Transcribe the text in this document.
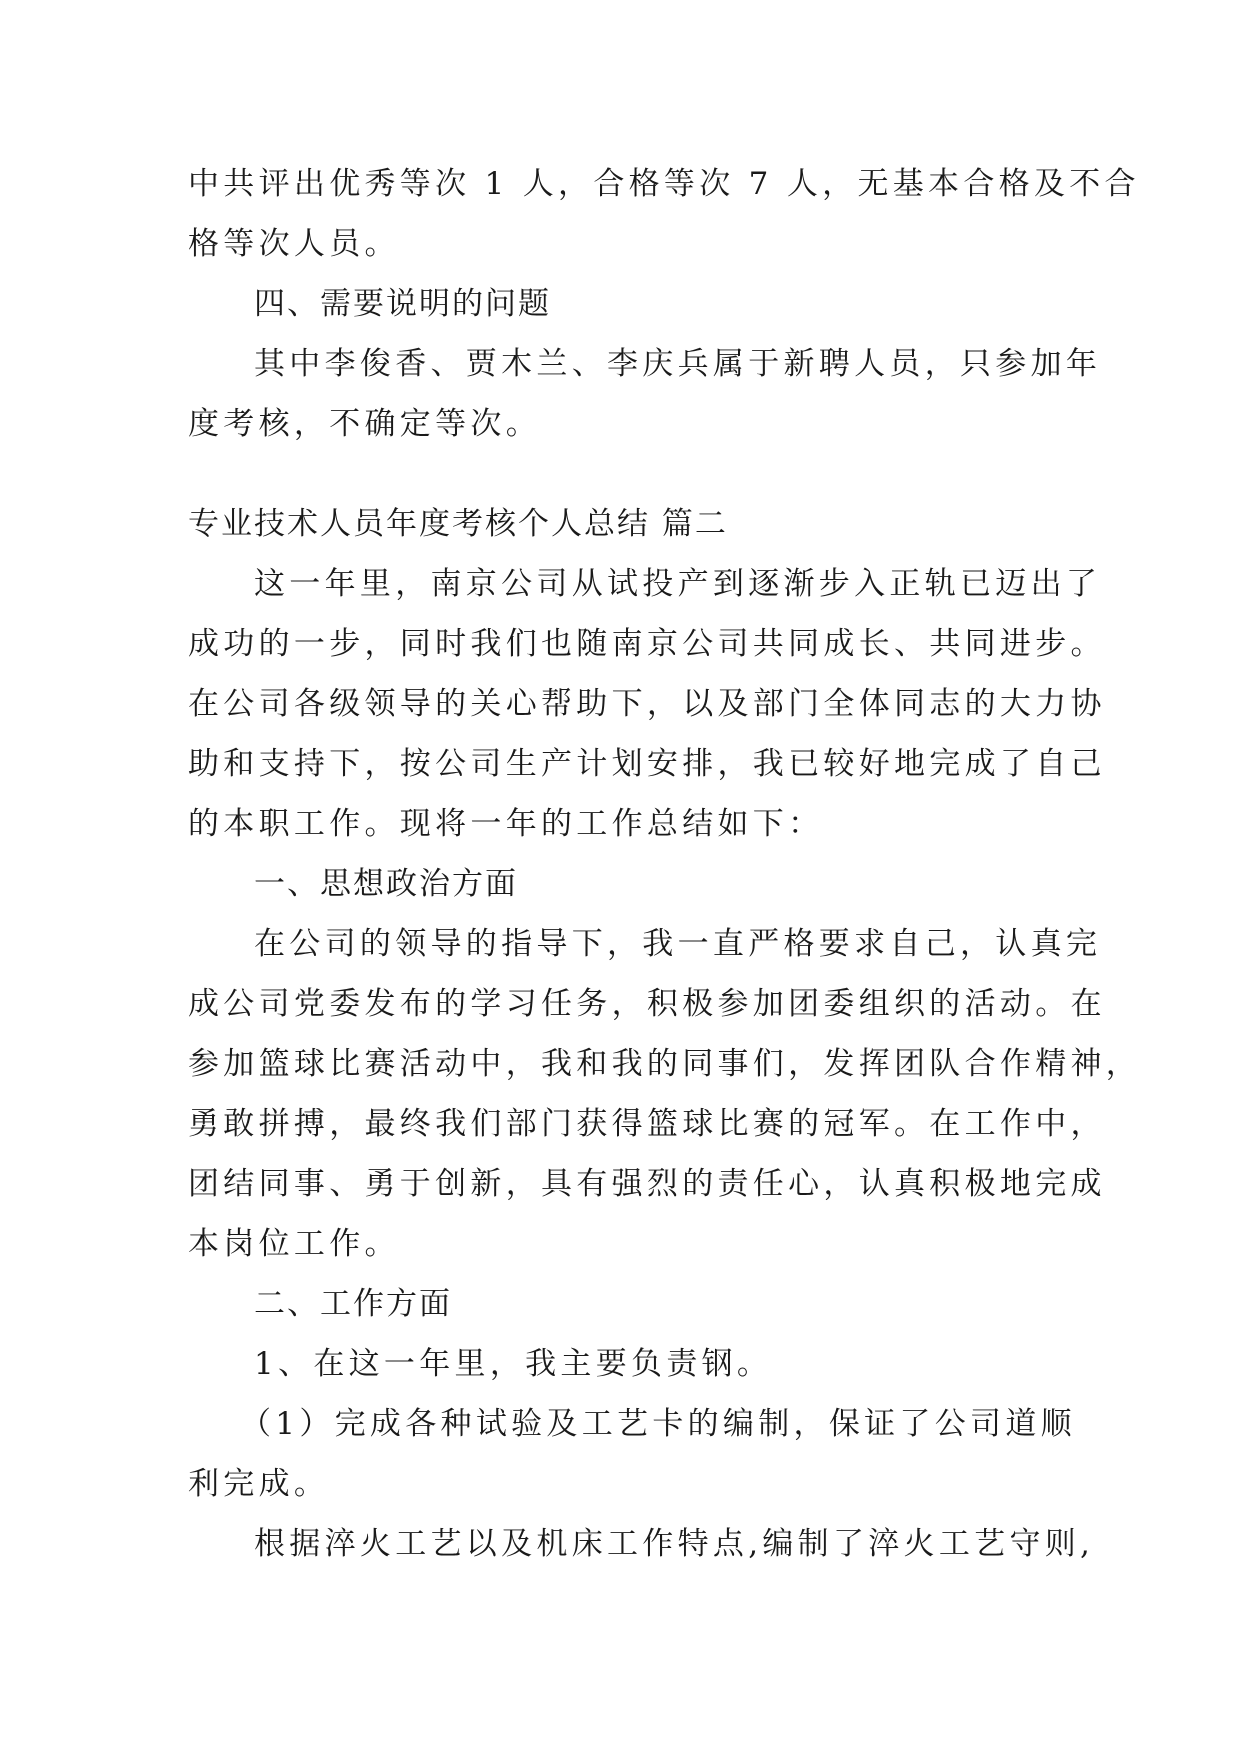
中共评出优秀等次 1 人，合格等次 7 人，无基本合格及不合
格等次人员。
四、需要说明的问题
其中李俊香、贾木兰、李庆兵属于新聘人员，只参加年
度考核，不确定等次。
专业技术人员年度考核个人总结 篇二
这一年里，南京公司从试投产到逐渐步入正轨已迈出了
成功的一步，同时我们也随南京公司共同成长、共同进步。
在公司各级领导的关心帮助下，以及部门全体同志的大力协
助和支持下，按公司生产计划安排，我已较好地完成了自己
的本职工作。现将一年的工作总结如下：
一、思想政治方面
在公司的领导的指导下，我一直严格要求自己，认真完
成公司党委发布的学习任务，积极参加团委组织的活动。在
参加篮球比赛活动中，我和我的同事们，发挥团队合作精神，
勇敢拼搏，最终我们部门获得篮球比赛的冠军。在工作中，
团结同事、勇于创新，具有强烈的责任心，认真积极地完成
本岗位工作。
二、工作方面
1、在这一年里，我主要负责钢。
（1）完成各种试验及工艺卡的编制，保证了公司道顺
利完成。
根据淬火工艺以及机床工作特点,编制了淬火工艺守则,
